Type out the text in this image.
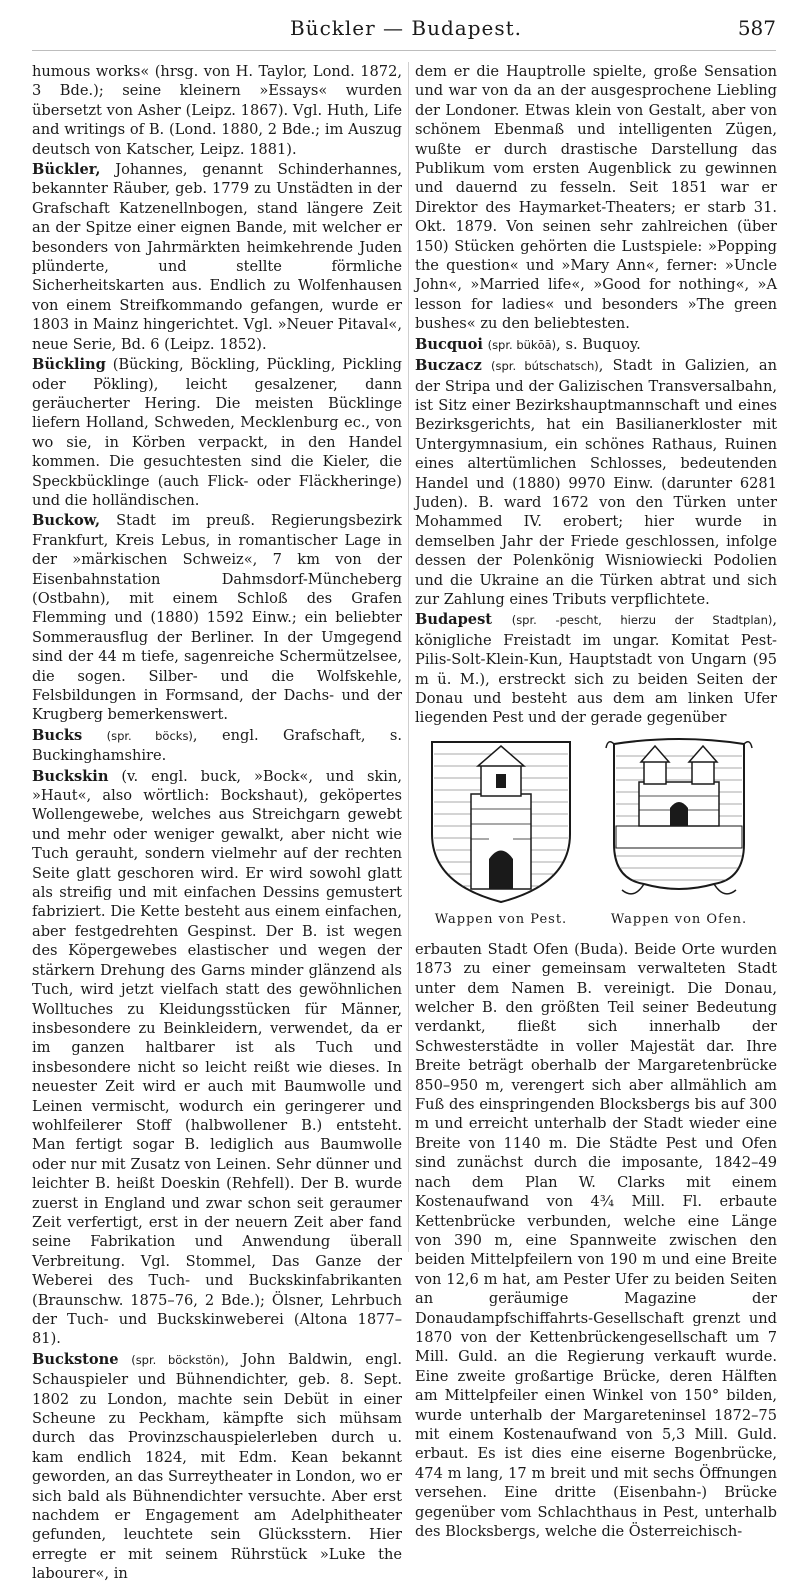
Bückler — Budapest.	587

humous works« (hrsg. von H. Taylor, Lond. 1872, 3 Bde.); seine kleinern »Essays« wurden übersetzt von Asher (Leipz. 1867). Vgl. Huth, Life and writings of B. (Lond. 1880, 2 Bde.; im Auszug deutsch von Katscher, Leipz. 1881).

Bückler, Johannes, genannt Schinderhannes, bekannter Räuber, geb. 1779 zu Unstädten in der Grafschaft Katzenellnbogen, stand längere Zeit an der Spitze einer eignen Bande, mit welcher er besonders von Jahrmärkten heimkehrende Juden plünderte, und stellte förmliche Sicherheitskarten aus. Endlich zu Wolfenhausen von einem Streifkommando gefangen, wurde er 1803 in Mainz hingerichtet. Vgl. »Neuer Pitaval«, neue Serie, Bd. 6 (Leipz. 1852).

Bückling (Bücking, Böckling, Pückling, Pickling oder Pökling), leicht gesalzener, dann geräucherter Hering. Die meisten Bücklinge liefern Holland, Schweden, Mecklenburg ec., von wo sie, in Körben verpackt, in den Handel kommen. Die gesuchtesten sind die Kieler, die Speckbücklinge (auch Flick- oder Fläckheringe) und die holländischen.

Buckow, Stadt im preuß. Regierungsbezirk Frankfurt, Kreis Lebus, in romantischer Lage in der »märkischen Schweiz«, 7 km von der Eisenbahnstation Dahmsdorf-Müncheberg (Ostbahn), mit einem Schloß des Grafen Flemming und (1880) 1592 Einw.; ein beliebter Sommerausflug der Berliner. In der Umgegend sind der 44 m tiefe, sagenreiche Schermützelsee, die sogen. Silber- und die Wolfskehle, Felsbildungen in Formsand, der Dachs- und der Krugberg bemerkenswert.

Bucks (spr. böcks), engl. Grafschaft, s. Buckinghamshire.

Buckskin (v. engl. buck, »Bock«, und skin, »Haut«, also wörtlich: Bockshaut), geköpertes Wollengewebe, welches aus Streichgarn gewebt und mehr oder weniger gewalkt, aber nicht wie Tuch gerauht, sondern vielmehr auf der rechten Seite glatt geschoren wird. Er wird sowohl glatt als streifig und mit einfachen Dessins gemustert fabriziert. Die Kette besteht aus einem einfachen, aber festgedrehten Gespinst. Der B. ist wegen des Köpergewebes elastischer und wegen der stärkern Drehung des Garns minder glänzend als Tuch, wird jetzt vielfach statt des gewöhnlichen Wolltuches zu Kleidungsstücken für Männer, insbesondere zu Beinkleidern, verwendet, da er im ganzen haltbarer ist als Tuch und insbesondere nicht so leicht reißt wie dieses. In neuester Zeit wird er auch mit Baumwolle und Leinen vermischt, wodurch ein geringerer und wohlfeilerer Stoff (halbwollener B.) entsteht. Man fertigt sogar B. lediglich aus Baumwolle oder nur mit Zusatz von Leinen. Sehr dünner und leichter B. heißt Doeskin (Rehfell). Der B. wurde zuerst in England und zwar schon seit geraumer Zeit verfertigt, erst in der neuern Zeit aber fand seine Fabrikation und Anwendung überall Verbreitung. Vgl. Stommel, Das Ganze der Weberei des Tuch- und Buckskinfabrikanten (Braunschw. 1875–76, 2 Bde.); Ölsner, Lehrbuch der Tuch- und Buckskinweberei (Altona 1877–81).

Buckstone (spr. böckstön), John Baldwin, engl. Schauspieler und Bühnendichter, geb. 8. Sept. 1802 zu London, machte sein Debüt in einer Scheune zu Peckham, kämpfte sich mühsam durch das Provinzschauspielerleben durch u. kam endlich 1824, mit Edm. Kean bekannt geworden, an das Surreytheater in London, wo er sich bald als Bühnendichter versuchte. Aber erst nachdem er Engagement am Adelphitheater gefunden, leuchtete sein Glücksstern. Hier erregte er mit seinem Rührstück »Luke the labourer«, in

dem er die Hauptrolle spielte, große Sensation und war von da an der ausgesprochene Liebling der Londoner. Etwas klein von Gestalt, aber von schönem Ebenmaß und intelligenten Zügen, wußte er durch drastische Darstellung das Publikum vom ersten Augenblick zu gewinnen und dauernd zu fesseln. Seit 1851 war er Direktor des Haymarket-Theaters; er starb 31. Okt. 1879. Von seinen sehr zahlreichen (über 150) Stücken gehörten die Lustspiele: »Popping the question« und »Mary Ann«, ferner: »Uncle John«, »Married life«, »Good for nothing«, »A lesson for ladies« und besonders »The green bushes« zu den beliebtesten.

Bucquoi (spr. bükōā), s. Buquoy.

Buczacz (spr. bútschatsch), Stadt in Galizien, an der Stripa und der Galizischen Transversalbahn, ist Sitz einer Bezirkshauptmannschaft und eines Bezirksgerichts, hat ein Basilianerkloster mit Untergymnasium, ein schönes Rathaus, Ruinen eines altertümlichen Schlosses, bedeutenden Handel und (1880) 9970 Einw. (darunter 6281 Juden). B. ward 1672 von den Türken unter Mohammed IV. erobert; hier wurde in demselben Jahr der Friede geschlossen, infolge dessen der Polenkönig Wisniowiecki Podolien und die Ukraine an die Türken abtrat und sich zur Zahlung eines Tributs verpflichtete.

Budapest (spr. -pescht, hierzu der Stadtplan), königliche Freistadt im ungar. Komitat Pest-Pilis-Solt-Klein-Kun, Hauptstadt von Ungarn (95 m ü. M.), erstreckt sich zu beiden Seiten der Donau und besteht aus dem am linken Ufer liegenden Pest und der gerade gegenüber

Wappen von Pest.	Wappen von Ofen.

erbauten Stadt Ofen (Buda). Beide Orte wurden 1873 zu einer gemeinsam verwalteten Stadt unter dem Namen B. vereinigt. Die Donau, welcher B. den größten Teil seiner Bedeutung verdankt, fließt sich innerhalb der Schwesterstädte in voller Majestät dar. Ihre Breite beträgt oberhalb der Margaretenbrücke 850–950 m, verengert sich aber allmählich am Fuß des einspringenden Blocksbergs bis auf 300 m und erreicht unterhalb der Stadt wieder eine Breite von 1140 m. Die Städte Pest und Ofen sind zunächst durch die imposante, 1842–49 nach dem Plan W. Clarks mit einem Kostenaufwand von 4¾ Mill. Fl. erbaute Kettenbrücke verbunden, welche eine Länge von 390 m, eine Spannweite zwischen den beiden Mittelpfeilern von 190 m und eine Breite von 12,6 m hat, am Pester Ufer zu beiden Seiten an geräumige Magazine der Donaudampfschiffahrts-Gesellschaft grenzt und 1870 von der Kettenbrückengesellschaft um 7 Mill. Guld. an die Regierung verkauft wurde. Eine zweite großartige Brücke, deren Hälften am Mittelpfeiler einen Winkel von 150° bilden, wurde unterhalb der Margareteninsel 1872–75 mit einem Kostenaufwand von 5,3 Mill. Guld. erbaut. Es ist dies eine eiserne Bogenbrücke, 474 m lang, 17 m breit und mit sechs Öffnungen versehen. Eine dritte (Eisenbahn-) Brücke gegenüber vom Schlachthaus in Pest, unterhalb des Blocksbergs, welche die Österreichisch-
